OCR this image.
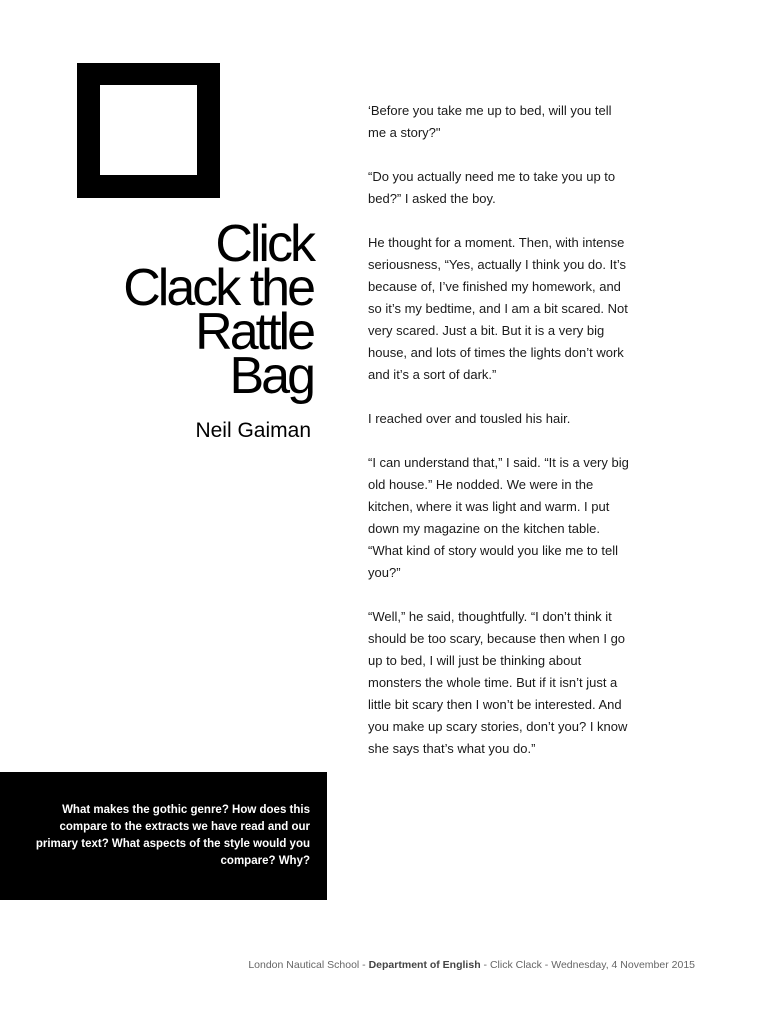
Click
Clack the
Rattle
Bag
Neil Gaiman

‘Before you take me up to bed, will you tell me a story?"

“Do you actually need me to take you up to bed?” I asked the boy.

He thought for a moment. Then, with intense seriousness, “Yes, actually I think you do. It’s because of, I’ve finished my homework, and so it’s my bedtime, and I am a bit scared. Not very scared. Just a bit. But it is a very big house, and lots of times the lights don’t work and it’s a sort of dark.”

I reached over and tousled his hair.

“I can understand that,” I said. “It is a very big old house.” He nodded. We were in the kitchen, where it was light and warm. I put down my magazine on the kitchen table. “What kind of story would you like me to tell you?”

“Well,” he said, thoughtfully. “I don’t think it should be too scary, because then when I go up to bed, I will just be thinking about monsters the whole time. But if it isn’t just a little bit scary then I won’t be interested. And you make up scary stories, don’t you? I know she says that’s what you do.”

What makes the gothic genre? How does this compare to the extracts we have read and our primary text? What aspects of the style would you compare? Why?

London Nautical School - Department of English - Click Clack - Wednesday, 4 November 2015
